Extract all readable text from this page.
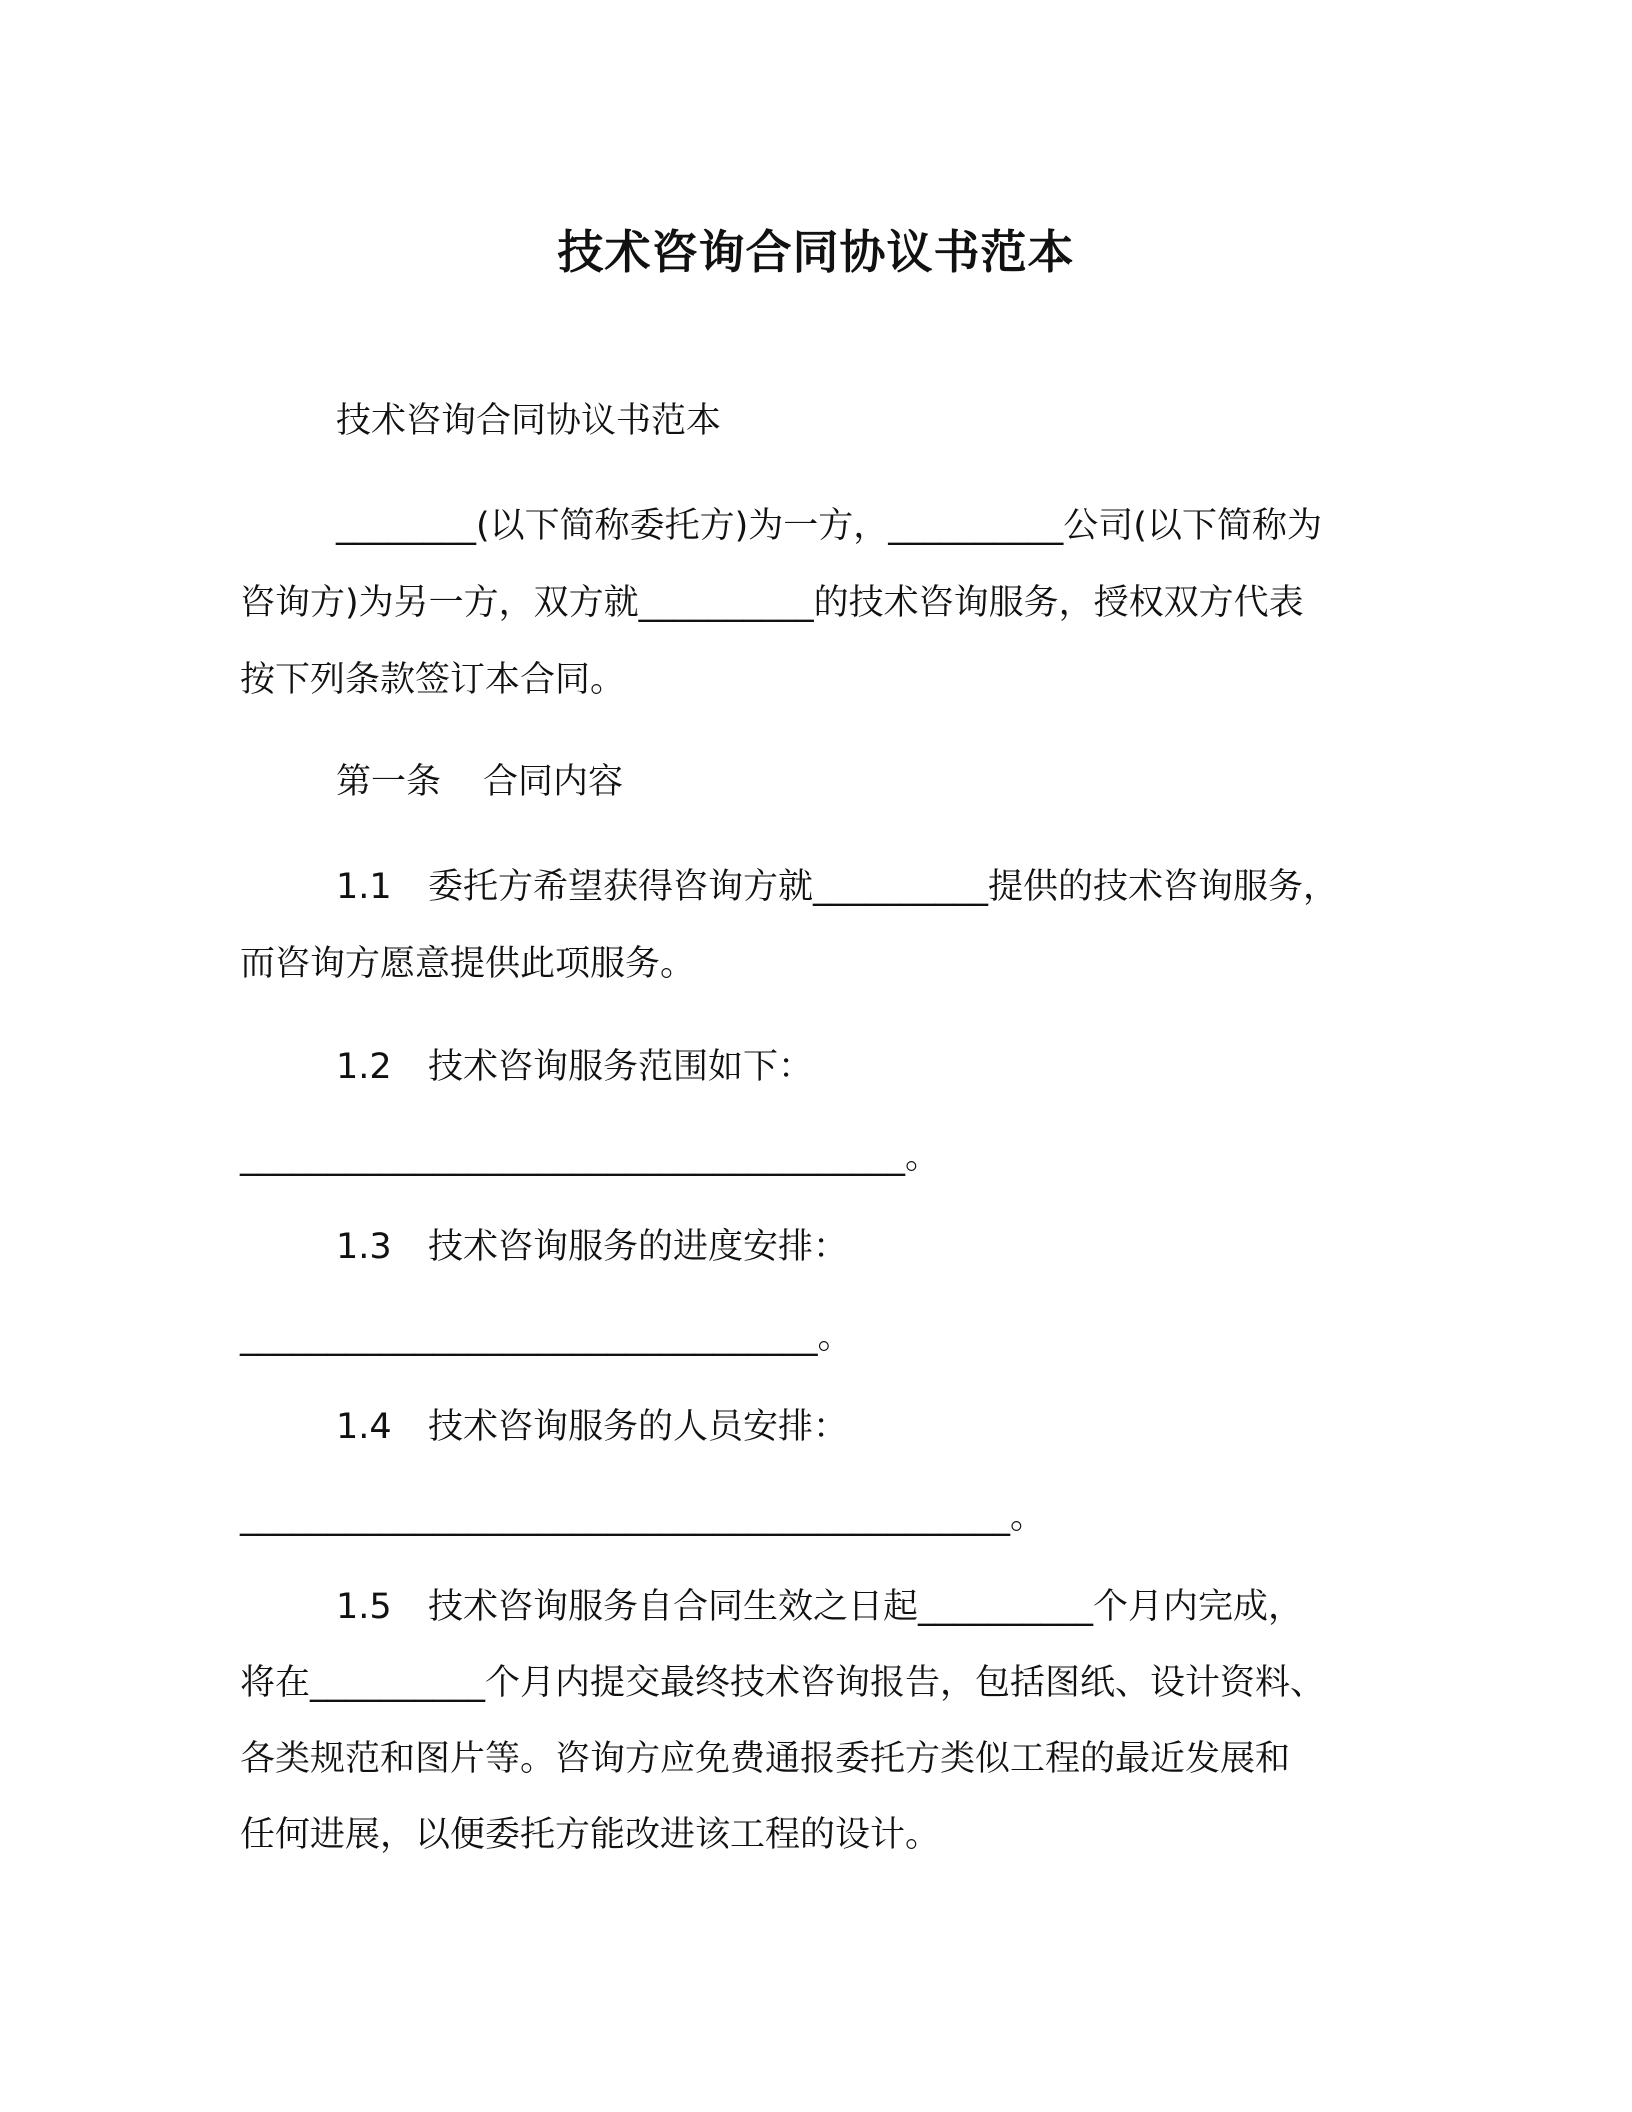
技术咨询合同协议书范本
技术咨询合同协议书范本
________(以下简称委托方)为一方，__________公司(以下简称为
咨询方)为另一方，双方就__________的技术咨询服务，授权双方代表
按下列条款签订本合同。
第一条 合同内容
1.1 委托方希望获得咨询方就__________提供的技术咨询服务，
而咨询方愿意提供此项服务。
1.2 技术咨询服务范围如下：
______________________________________。
1.3 技术咨询服务的进度安排：
_________________________________。
1.4 技术咨询服务的人员安排：
____________________________________________。
1.5 技术咨询服务自合同生效之日起__________个月内完成，
将在__________个月内提交最终技术咨询报告，包括图纸、设计资料、
各类规范和图片等。咨询方应免费通报委托方类似工程的最近发展和
任何进展，以便委托方能改进该工程的设计。
